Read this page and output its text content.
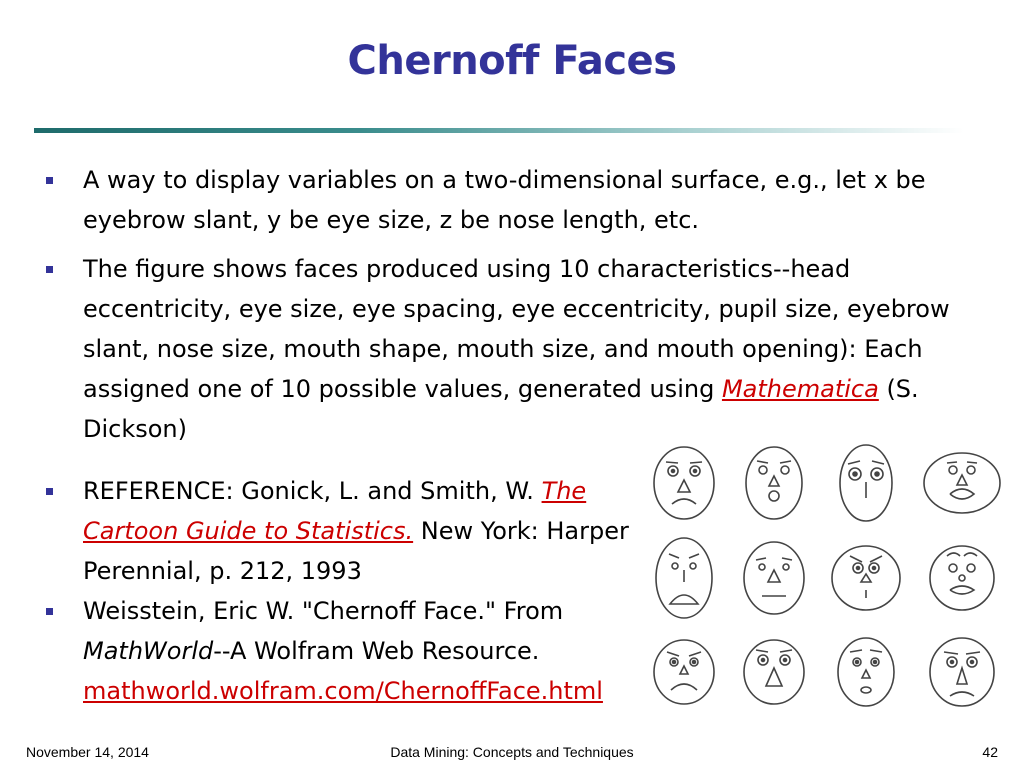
Chernoff Faces
A way to display variables on a two-dimensional surface, e.g., let x be eyebrow slant, y be eye size, z be nose length, etc.
The figure shows faces produced using 10 characteristics--head eccentricity, eye size, eye spacing, eye eccentricity, pupil size, eyebrow slant, nose size, mouth shape, mouth size, and mouth opening): Each assigned one of 10 possible values, generated using Mathematica (S. Dickson)
REFERENCE: Gonick, L. and Smith, W. The Cartoon Guide to Statistics. New York: Harper Perennial, p. 212, 1993
Weisstein, Eric W. "Chernoff Face." From MathWorld--A Wolfram Web Resource. mathworld.wolfram.com/ChernoffFace.html
November 14, 2014	Data Mining: Concepts and Techniques	42
